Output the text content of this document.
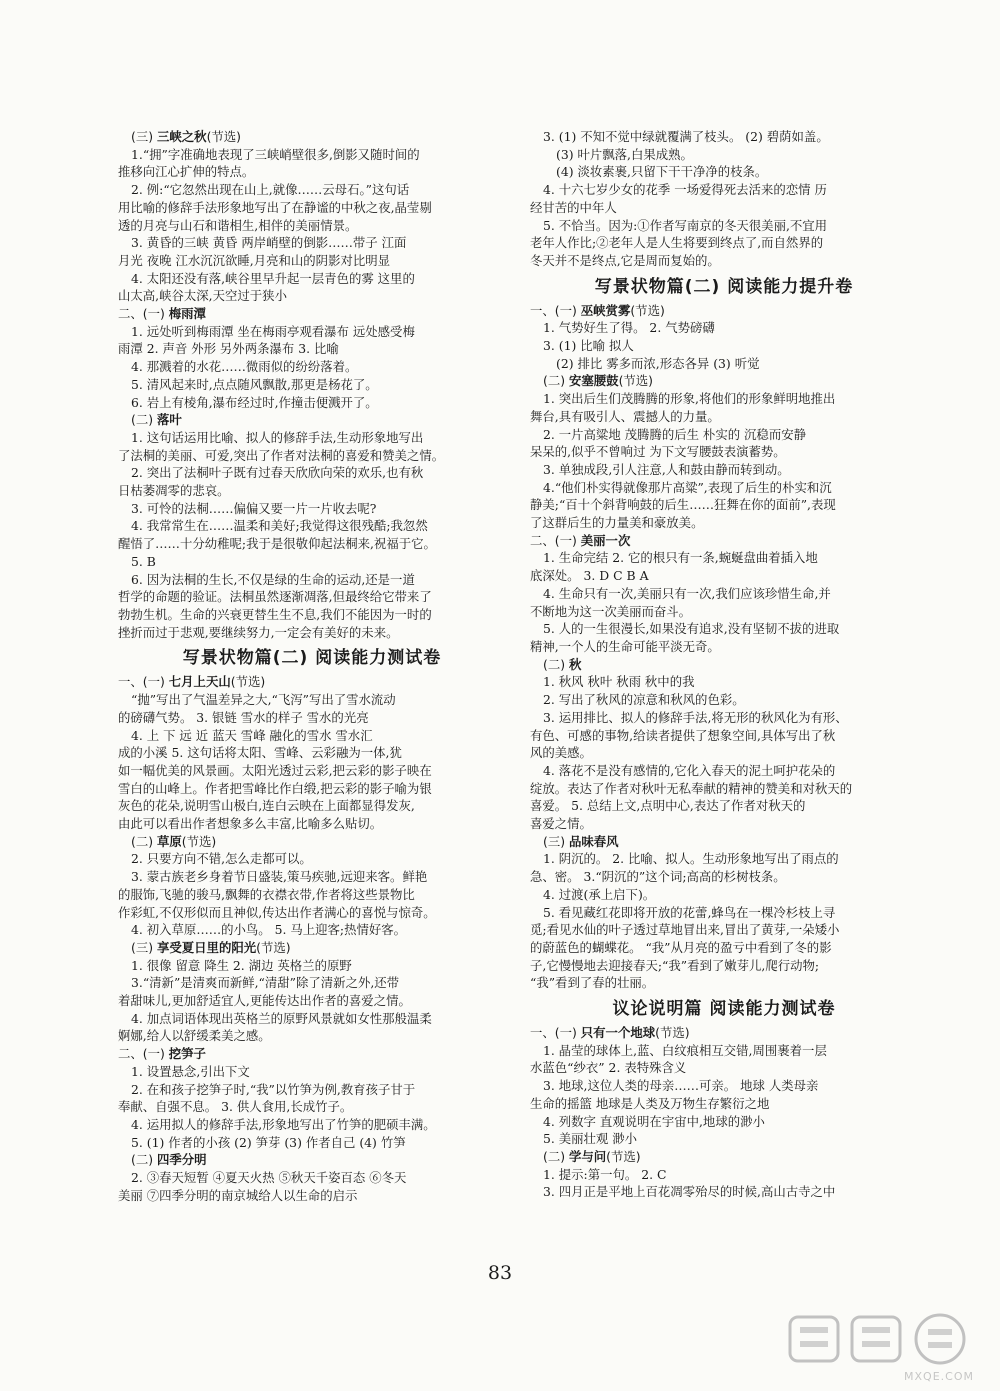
(三) 三峡之秋(节选)
1.“拥”字准确地表现了三峡峭壁很多,倒影又随时间的
推移向江心扩伸的特点。
2. 例:“它忽然出现在山上,就像……云母石。”这句话
用比喻的修辞手法形象地写出了在静谧的中秋之夜,晶莹剔
透的月亮与山石和谐相生,相伴的美丽情景。
3. 黄昏的三峡 黄昏 两岸峭壁的倒影……带子 江面
月光 夜晚 江水沉沉欲睡,月亮和山的阴影对比明显
4. 太阳还没有落,峡谷里早升起一层青色的雾 这里的
山太高,峡谷太深,天空过于狭小
二、(一) 梅雨潭
1. 远处听到梅雨潭 坐在梅雨亭观看瀑布 远处感受梅
雨潭 2. 声音 外形 另外两条瀑布 3. 比喻
4. 那溅着的水花……微雨似的纷纷落着。
5. 清风起来时,点点随风飘散,那更是杨花了。
6. 岩上有棱角,瀑布经过时,作撞击便溅开了。
(二) 落叶
1. 这句话运用比喻、拟人的修辞手法,生动形象地写出
了法桐的美丽、可爱,突出了作者对法桐的喜爱和赞美之情。
2. 突出了法桐叶子既有过春天欣欣向荣的欢乐,也有秋
日枯萎凋零的悲哀。
3. 可怜的法桐……偏偏又要一片一片收去呢?
4. 我常常生在……温柔和美好;我觉得这很残酷;我忽然
醒悟了……十分幼稚呢;我于是很敬仰起法桐来,祝福于它。
5. B
6. 因为法桐的生长,不仅是绿的生命的运动,还是一道
哲学的命题的验证。法桐虽然逐渐凋落,但最终给它带来了
勃勃生机。生命的兴衰更替生生不息,我们不能因为一时的
挫折而过于悲观,要继续努力,一定会有美好的未来。
写景状物篇(二) 阅读能力测试卷
一、(一) 七月上天山(节选)
“抛”写出了气温差异之大,“飞泻”写出了雪水流动
的磅礴气势。 3. 银链 雪水的样子 雪水的光亮
4. 上 下 远 近 蓝天 雪峰 融化的雪水 雪水汇
成的小溪 5. 这句话将太阳、雪峰、云彩融为一体,犹
如一幅优美的风景画。太阳光透过云彩,把云彩的影子映在
雪白的山峰上。作者把雪峰比作白缎,把云彩的影子喻为银
灰色的花朵,说明雪山极白,连白云映在上面都显得发灰,
由此可以看出作者想象多么丰富,比喻多么贴切。
(二) 草原(节选)
2. 只要方向不错,怎么走都可以。
3. 蒙古族老乡身着节日盛装,策马疾驰,远迎来客。鲜艳
的服饰,飞驰的骏马,飘舞的衣襟衣带,作者将这些景物比
作彩虹,不仅形似而且神似,传达出作者满心的喜悦与惊奇。
4. 初入草原……的小鸟。 5. 马上迎客;热情好客。
(三) 享受夏日里的阳光(节选)
1. 很像 留意 降生 2. 湖边 英格兰的原野
3.“清新”是清爽而新鲜,“清甜”除了清新之外,还带
着甜味儿,更加舒适宜人,更能传达出作者的喜爱之情。
4. 加点词语体现出英格兰的原野风景就如女性那般温柔
婀娜,给人以舒缓柔美之感。
二、(一) 挖笋子
1. 设置悬念,引出下文
2. 在和孩子挖笋子时,“我”以竹笋为例,教育孩子甘于
奉献、自强不息。 3. 供人食用,长成竹子。
4. 运用拟人的修辞手法,形象地写出了竹笋的肥硕丰满。
5. (1) 作者的小孩 (2) 笋芽 (3) 作者自己 (4) 竹笋
(二) 四季分明
2. ③春天短暂 ④夏天火热 ⑤秋天千姿百态 ⑥冬天
美丽 ⑦四季分明的南京城给人以生命的启示
3. (1) 不知不觉中绿就覆满了枝头。 (2) 碧荫如盖。
(3) 叶片飘落,白果成熟。
(4) 淡妆素裹,只留下干干净净的枝条。
4. 十六七岁少女的花季 一场爱得死去活来的恋情 历
经甘苦的中年人
5. 不恰当。因为:①作者写南京的冬天很美丽,不宜用
老年人作比;②老年人是人生将要到终点了,而自然界的
冬天并不是终点,它是周而复始的。
写景状物篇(二) 阅读能力提升卷
一、(一) 巫峡赏雾(节选)
1. 气势好生了得。 2. 气势磅礴
3. (1) 比喻 拟人
(2) 排比 雾多而浓,形态各异 (3) 听觉
(二) 安塞腰鼓(节选)
1. 突出后生们茂腾腾的形象,将他们的形象鲜明地推出
舞台,具有吸引人、震撼人的力量。
2. 一片高粱地 茂腾腾的后生 朴实的 沉稳而安静
呆呆的,似乎不曾响过 为下文写腰鼓表演蓄势。
3. 单独成段,引人注意,人和鼓由静而转到动。
4.“他们朴实得就像那片高粱”,表现了后生的朴实和沉
静美;“百十个斜背响鼓的后生……狂舞在你的面前”,表现
了这群后生的力量美和豪放美。
二、(一) 美丽一次
1. 生命完结 2. 它的根只有一条,蜿蜒盘曲着插入地
底深处。 3. D C B A
4. 生命只有一次,美丽只有一次,我们应该珍惜生命,并
不断地为这一次美丽而奋斗。
5. 人的一生很漫长,如果没有追求,没有坚韧不拔的进取
精神,一个人的生命可能平淡无奇。
(二) 秋
1. 秋风 秋叶 秋雨 秋中的我
2. 写出了秋风的凉意和秋风的色彩。
3. 运用排比、拟人的修辞手法,将无形的秋风化为有形、
有色、可感的事物,给读者提供了想象空间,具体写出了秋
风的美感。
4. 落花不是没有感情的,它化入春天的泥土呵护花朵的
绽放。表达了作者对秋叶无私奉献的精神的赞美和对秋天的
喜爱。 5. 总结上文,点明中心,表达了作者对秋天的
喜爱之情。
(三) 品味春风
1. 阴沉的。 2. 比喻、拟人。生动形象地写出了雨点的
急、密。 3.“阴沉的”这个词;高高的杉树枝条。
4. 过渡(承上启下)。
5. 看见藏红花即将开放的花蕾,蜂鸟在一棵冷杉枝上寻
觅;看见水仙的叶子透过草地冒出来,冒出了黄芽,一朵矮小
的蔚蓝色的蝴蝶花。 “我”从月亮的盈亏中看到了冬的影
子,它慢慢地去迎接春天;“我”看到了嫩芽儿,爬行动物;
“我”看到了春的壮丽。
议论说明篇 阅读能力测试卷
一、(一) 只有一个地球(节选)
1. 晶莹的球体上,蓝、白纹痕相互交错,周围裹着一层
水蓝色“纱衣” 2. 表特殊含义
3. 地球,这位人类的母亲……可亲。 地球 人类母亲
生命的摇篮 地球是人类及万物生存繁衍之地
4. 列数字 直观说明在宇宙中,地球的渺小
5. 美丽壮观 渺小
(二) 学与问(节选)
1. 提示:第一句。 2. C
3. 四月正是平地上百花凋零殆尽的时候,高山古寺之中
83
MXQE.COM
